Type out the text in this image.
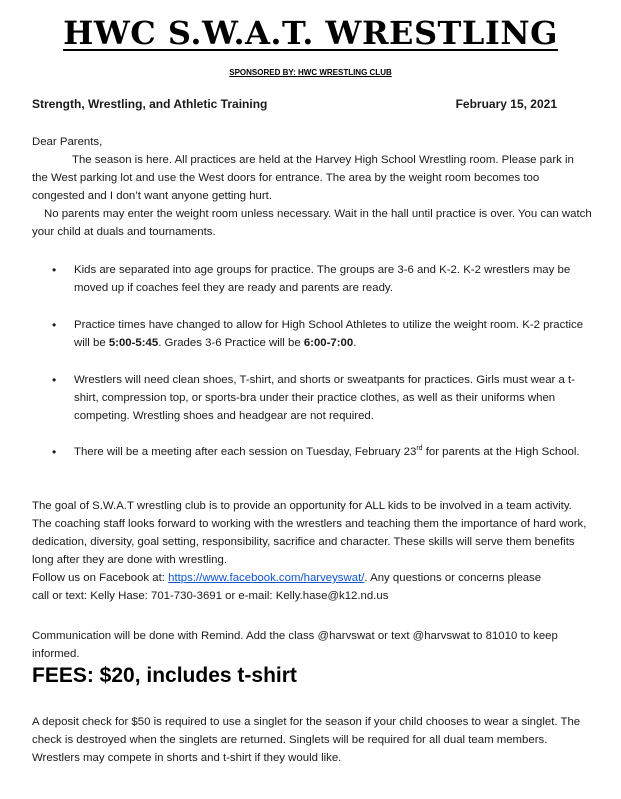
HWC S.W.A.T. WRESTLING
SPONSORED BY: HWC WRESTLING CLUB
Strength, Wrestling, and Athletic Training	February 15, 2021
Dear Parents,
The season is here. All practices are held at the Harvey High School Wrestling room. Please park in the West parking lot and use the West doors for entrance. The area by the weight room becomes too congested and I don’t want anyone getting hurt.
No parents may enter the weight room unless necessary. Wait in the hall until practice is over. You can watch your child at duals and tournaments.
• Kids are separated into age groups for practice. The groups are 3-6 and K-2. K-2 wrestlers may be moved up if coaches feel they are ready and parents are ready.
• Practice times have changed to allow for High School Athletes to utilize the weight room. K-2 practice will be 5:00-5:45. Grades 3-6 Practice will be 6:00-7:00.
• Wrestlers will need clean shoes, T-shirt, and shorts or sweatpants for practices. Girls must wear a t-shirt, compression top, or sports-bra under their practice clothes, as well as their uniforms when competing. Wrestling shoes and headgear are not required.
• There will be a meeting after each session on Tuesday, February 23rd for parents at the High School.
The goal of S.W.A.T wrestling club is to provide an opportunity for ALL kids to be involved in a team activity. The coaching staff looks forward to working with the wrestlers and teaching them the importance of hard work, dedication, diversity, goal setting, responsibility, sacrifice and character. These skills will serve them benefits long after they are done with wrestling.
Follow us on Facebook at: https://www.facebook.com/harveyswat/. Any questions or concerns please
call or text: Kelly Hase: 701-730-3691 or e-mail: Kelly.hase@k12.nd.us
Communication will be done with Remind. Add the class @harvswat or text @harvswat to 81010 to keep informed.
FEES: $20, includes t-shirt
A deposit check for $50 is required to use a singlet for the season if your child chooses to wear a singlet. The check is destroyed when the singlets are returned. Singlets will be required for all dual team members. Wrestlers may compete in shorts and t-shirt if they would like.
